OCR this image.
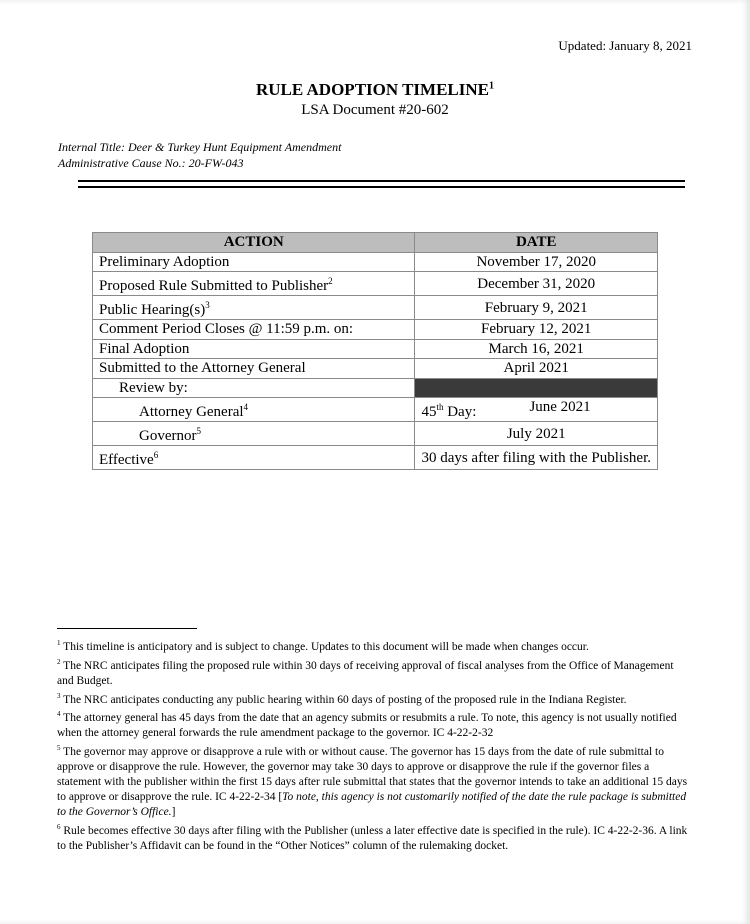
Updated: January 8, 2021
RULE ADOPTION TIMELINE$^1$
LSA Document #20-602
Internal Title: Deer & Turkey Hunt Equipment Amendment
Administrative Cause No.: 20-FW-043
ACTION	DATE
Preliminary Adoption	November 17, 2020
Proposed Rule Submitted to Publisher$^2$	December 31, 2020
Public $Hearing(s)^3$	February 9, 2021
Comment Period Closes @ 11:59 p.m. on:	February 12, 2021
Final Adoption	March 16, 2021
Submitted to the Attorney General	April 2021
Review by:	
Attorney General$^4$	45th Day: June 2021

Governor$^5$	July 2021
Effective$^6$	30 days after filing with the Publisher.

$^1$ This timeline is anticipatory and is subject to change. Updates to this document will be made when changes occur.

$^2$ The NRC anticipates filing the proposed rule within 30 days of receiving approval of fiscal analyses from the Office of Management and Budget.

$^3$ The NRC anticipates conducting any public hearing within 60 days of posting of the proposed rule in the Indiana Register.

$^4$ The attorney general has 45 days from the date that an agency submits or resubmits a rule. To note, this agency is not usually notified when the attorney general forwards the rule amendment package to the governor. IC 4-22-2-32

$^5$ The governor may approve or disapprove a rule with or without cause. The governor has 15 days from the date of rule submittal to approve or disapprove the rule. However, the governor may take 30 days to approve or disapprove the rule if the governor files a statement with the publisher within the first 15 days after rule submittal that states that the governor intends to take an additional 15 days to approve or disapprove the rule. IC 4-22-2-34 [To note, this agency is not customarily notified of the date the rule package is submitted to the Governor’s Office.]

$^6$ Rule becomes effective 30 days after filing with the Publisher (unless a later effective date is specified in the rule). IC 4-22-2-36. A link to the Publisher’s Affidavit can be found in the “Other Notices” column of the rulemaking docket.
